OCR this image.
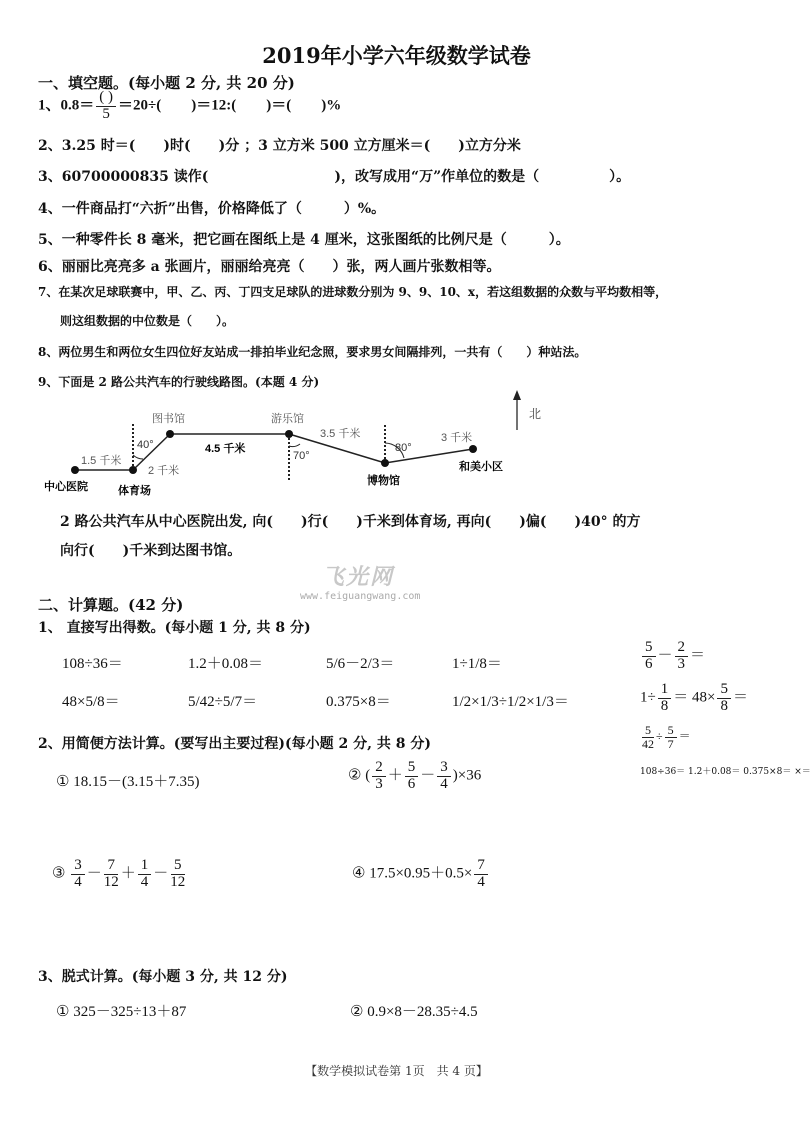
2019年小学六年级数学试卷
一、填空题。(每小题 2 分, 共 20 分)
1、$0.8= \frac{( )}{5} =20\div$(　　)＝12:(　　)＝(　　)%
2、3.25 时＝(　　)时(　　)分 ；3 立方米 500 立方厘米＝(　　)立方分米
3、60700000835 读作(　　　　　　　　　)，改写成用“万”作单位的数是（　　　　　）。
4、一件商品打“六折”出售，价格降低了（　　　）%。
5、一种零件长 8 毫米，把它画在图纸上是 4 厘米，这张图纸的比例尺是（　　　）。
6、丽丽比亮亮多 a 张画片，丽丽给亮亮（　　）张，两人画片张数相等。
7、在某次足球联赛中，甲、乙、丙、丁四支足球队的进球数分别为 9、9、10、x，若这组数据的众数与平均数相等，
则这组数据的中位数是（　　）。
8、两位男生和两位女生四位好友站成一排拍毕业纪念照，要求男女间隔排列，一共有（　　）种站法。
9、下面是 2 路公共汽车的行驶线路图。(本题 4 分)
北
中心医院	体育场
图书馆	游乐馆
博物馆
和美小区
1.5 千米
2 千米
4.5 千米
3.5 千米	3 千米
40°
70°
80°
2 路公共汽车从中心医院出发, 向(　　)行(　　)千米到体育场, 再向(　　)偏(　　)40° 的方
向行(　　)千米到达图书馆。
飞光网
www.feiguangwang.com
二、计算题。(42 分)
1、 直接写出得数。(每小题 1 分, 共 8 分)
108÷36＝	1.2＋0.08＝	5/6－2/3＝	1÷1/8＝
48×5/8＝	5/42÷5/7＝	0.375×8＝	1/2×1/3÷1/2×1/3＝
$\frac{5}{6} - \frac{2}{3}$ ＝
$1\div \frac{1}{8} = 48\times \frac{5}{8}$ ＝
$\frac{5}{42} \div \frac{5}{7}$ ＝
108÷36＝ 1.2＋0.08＝ 0.375×8＝ ×＝
2、用简便方法计算。(要写出主要过程)(每小题 2 分, 共 8 分)
① 18.15－(3.15＋7.35)	② ( $\frac{2}{3} + \frac{5}{6} - \frac{3}{4} )\times 36$
③ $\frac{3}{4} - \frac{7}{12} + \frac{1}{4} - \frac{5}{12}$	④ $17.5\times 0.95+0.5\times \frac{7}{4}$
3、脱式计算。(每小题 3 分, 共 12 分)
① 325－325÷13＋87	② 0.9×8－28.35÷4.5
【数学模拟试卷第 1页　共 4 页】
